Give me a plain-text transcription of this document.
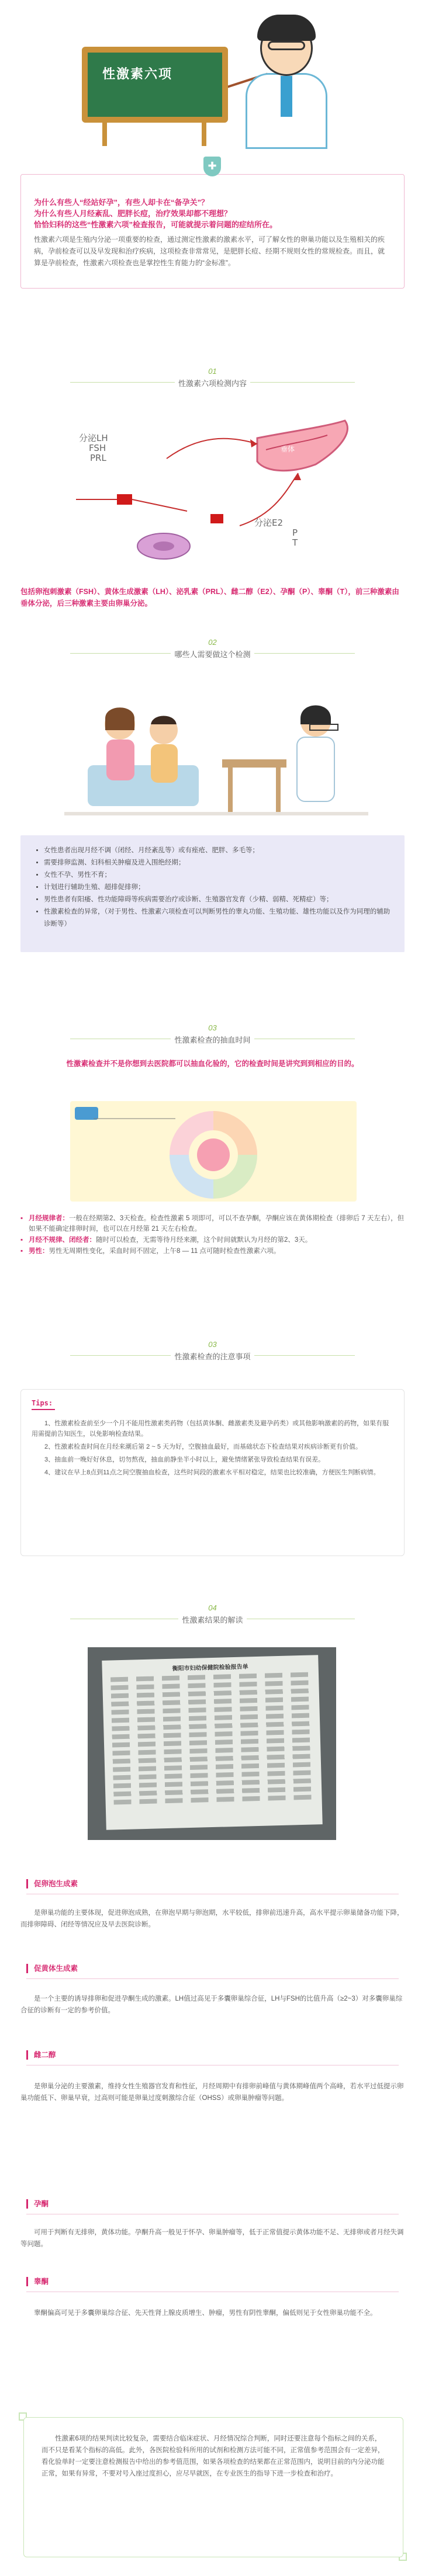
性激素六项
为什么有些人“经站好孕”，有些人却卡在“备孕关”？
为什么有些人月经紊乱、肥胖长痘，治疗效果却都不理想？
恰恰妇科的这些“性激素六项”检查报告，可能就提示着问题的症结所在。
性激素六项是生殖内分泌一项重要的检查，通过测定性激素的激素水平，可了解女性的卵巢功能以及生殖相关的疾病，孕前检查可以及早发现和治疗疾病，这项检查非常常见，是肥胖长痘、经期不规则女性的常规检查。而且，就算是孕前检查，性激素六项检查也是掌控性生育能力的“金标准”。
✚
01
性激素六项检测内容
垂体
分泌LH
FSH
PRL
分泌E2
P
T
包括卵泡刺激素（FSH）、黄体生成激素（LH）、泌乳素（PRL）、雌二醇（E2）、孕酮（P）、睾酮（T），前三种激素由垂体分泌，后三种激素主要由卵巢分泌。
02
哪些人需要做这个检测
• 女性患者出现月经不调（闭经、月经紊乱等）或有痤疮、肥胖、多毛等；
• 需要排卵监测、妇科相关肿瘤及进入围绝经期；
• 女性不孕、男性不育；
• 计划进行辅助生殖、超排促排卵；
• 男性患者有阳痿、性功能障碍等疾病需要治疗或诊断、生殖器官发育（少精、弱精、死精症）等；
• 性激素检查的异常，（对于男性、性激素六项检查可以判断男性的睾丸功能、生殖功能、雄性功能以及作为同理的辅助诊断等）
03
性激素检查的抽血时间
性激素检查并不是你想到去医院都可以抽血化验的，它的检查时间是讲究到到相应的目的。
▪ 月经规律者：一般在经期第2、3天检查。检查性激素 5 项即可，可以不查孕酮，孕酮应该在黄体期检查（排卵后 7 天左右），但如果不能确定排卵时间，也可以在月经第 21 天左右检查。
▪ 月经不规律、闭经者：随时可以检查，无需等待月经来潮，这个时间就默认为月经的第2、3天。
▪ 男性：男性无周期性变化，采血时间不固定，上午8 — 11 点可随时检查性激素六项。
03
性激素检查的注意事项
Tips:

1、性激素检查前至少一个月不能用性激素类药物（包括黄体酮、雌激素类及避孕药类）或其他影响激素的药物，如果有服用需提前告知医生，以免影响检查结果。

2、性激素检查时间在月经来潮后第 2 ~ 5 天为好，空腹抽血最好，而基础状态下检查结果对疾病诊断更有价值。

3、抽血前一晚好好休息，切勿熬夜，抽血前静坐半小时以上，避免情绪紧张导致检查结果有误差。

4、建议在早上8点到11点之间空腹抽血检查，这些时间段的激素水平相对稳定，结果也比较准确，方便医生判断病情。

04
性激素结果的解读
衡阳市妇幼保健院检验报告单
促卵泡生成素
是卵巢功能的主要体现，促进卵泡成熟，在卵泡早期与卵泡期，水平较低，排卵前迅速升高，高水平提示卵巢储备功能下降，而排卵障碍、闭经等情况应及早去医院诊断。
促黄体生成素
是一个主要的诱导排卵和促进孕酮生成的激素。LH值过高见于多囊卵巢综合征，LH与FSH的比值升高（≥2~3）对多囊卵巢综合征的诊断有一定的参考价值。
雌二醇
是卵巢分泌的主要激素，维持女性生殖器官发育和性征，月经周期中有排卵前峰值与黄体期峰值两个高峰，若水平过低提示卵巢功能低下、卵巢早衰，过高则可能是卵巢过度刺激综合征（OHSS）或卵巢肿瘤等问题。
孕酮
可用于判断有无排卵，黄体功能。孕酮升高一般见于怀孕、卵巢肿瘤等，低于正常值提示黄体功能不足、无排卵或者月经失调等问题。
睾酮
睾酮偏高可见于多囊卵巢综合征、先天性肾上腺皮质增生、肿瘤，男性有阴性睾酮，偏低则见于女性卵巢功能不全。

性激素6项的结果判读比较复杂，需要结合临床症状、月经情况综合判断，同时还要注意每个指标之间的关系，而不只是看某个指标的高低。此外，各医院检验科所用的试剂和检测方法可能不同，正常值参考范围会有一定差异，看化验单时一定要注意检测报告中给出的参考值范围，如果各项检查的结果都在正常范围内，说明目前的内分泌功能正常，如果有异常，不要对号入座过度担心，应尽早就医，在专业医生的指导下进一步检查和治疗。
